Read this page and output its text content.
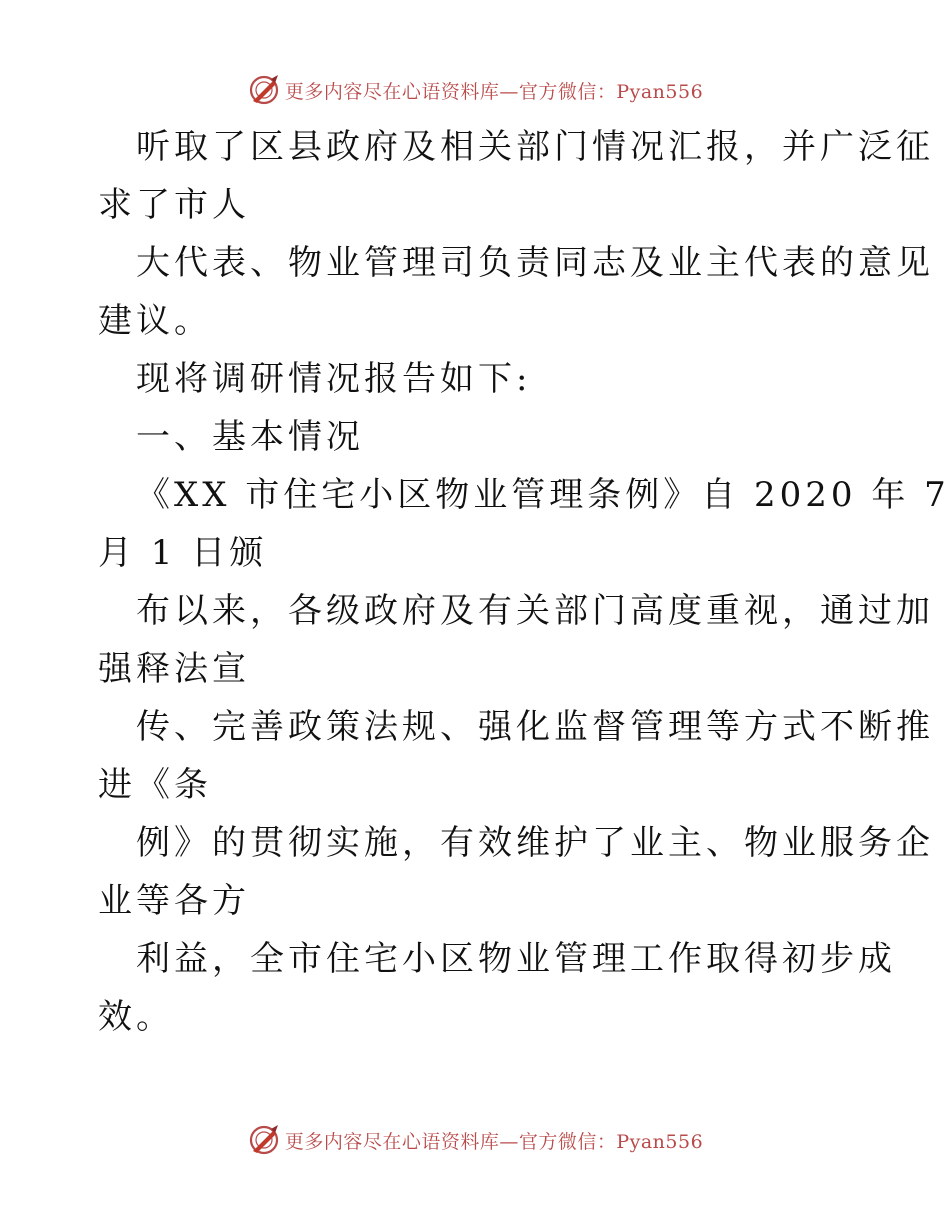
更多内容尽在心语资料库—官方微信：Pyan556
听取了区县政府及相关部门情况汇报，并广泛征
求了市人
大代表、物业管理司负责同志及业主代表的意见
建议。
现将调研情况报告如下:
一、基本情况
《XX 市住宅小区物业管理条例》自 2020 年 7
月 1 日颁
布以来，各级政府及有关部门高度重视，通过加
强释法宣
传、完善政策法规、强化监督管理等方式不断推
进《条
例》的贯彻实施，有效维护了业主、物业服务企
业等各方
利益，全市住宅小区物业管理工作取得初步成
效。
更多内容尽在心语资料库—官方微信：Pyan556
